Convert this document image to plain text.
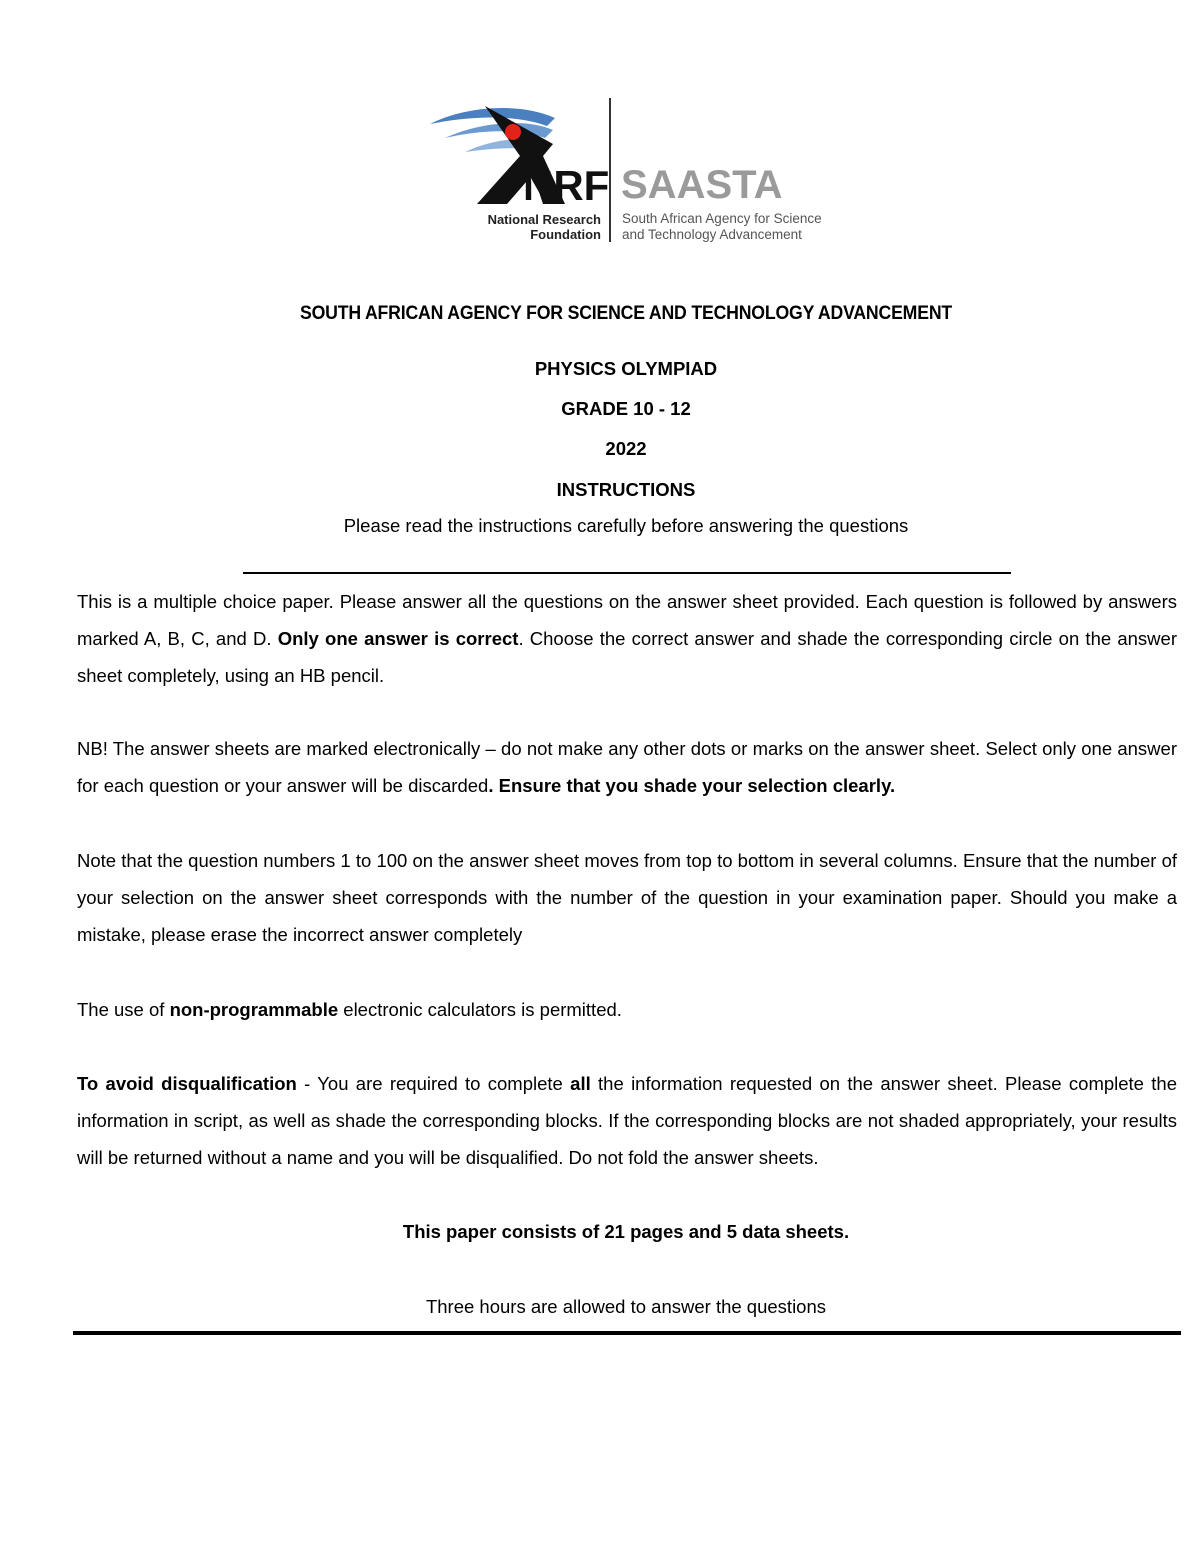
NRF
National Research
Foundation
SAASTA
South African Agency for Science
and Technology Advancement
SOUTH AFRICAN AGENCY FOR SCIENCE AND TECHNOLOGY ADVANCEMENT
PHYSICS OLYMPIAD
GRADE 10 - 12
2022
INSTRUCTIONS
Please read the instructions carefully before answering the questions
This is a multiple choice paper. Please answer all the questions on the answer sheet provided. Each question is followed by answers marked A, B, C, and D. Only one answer is correct. Choose the correct answer and shade the corresponding circle on the answer sheet completely, using an HB pencil.
NB! The answer sheets are marked electronically – do not make any other dots or marks on the answer sheet. Select only one answer for each question or your answer will be discarded. Ensure that you shade your selection clearly.
Note that the question numbers 1 to 100 on the answer sheet moves from top to bottom in several columns. Ensure that the number of your selection on the answer sheet corresponds with the number of the question in your examination paper. Should you make a mistake, please erase the incorrect answer completely
The use of non-programmable electronic calculators is permitted.
To avoid disqualification - You are required to complete all the information requested on the answer sheet. Please complete the information in script, as well as shade the corresponding blocks. If the corresponding blocks are not shaded appropriately, your results will be returned without a name and you will be disqualified. Do not fold the answer sheets.
This paper consists of 21 pages and 5 data sheets.
Three hours are allowed to answer the questions
